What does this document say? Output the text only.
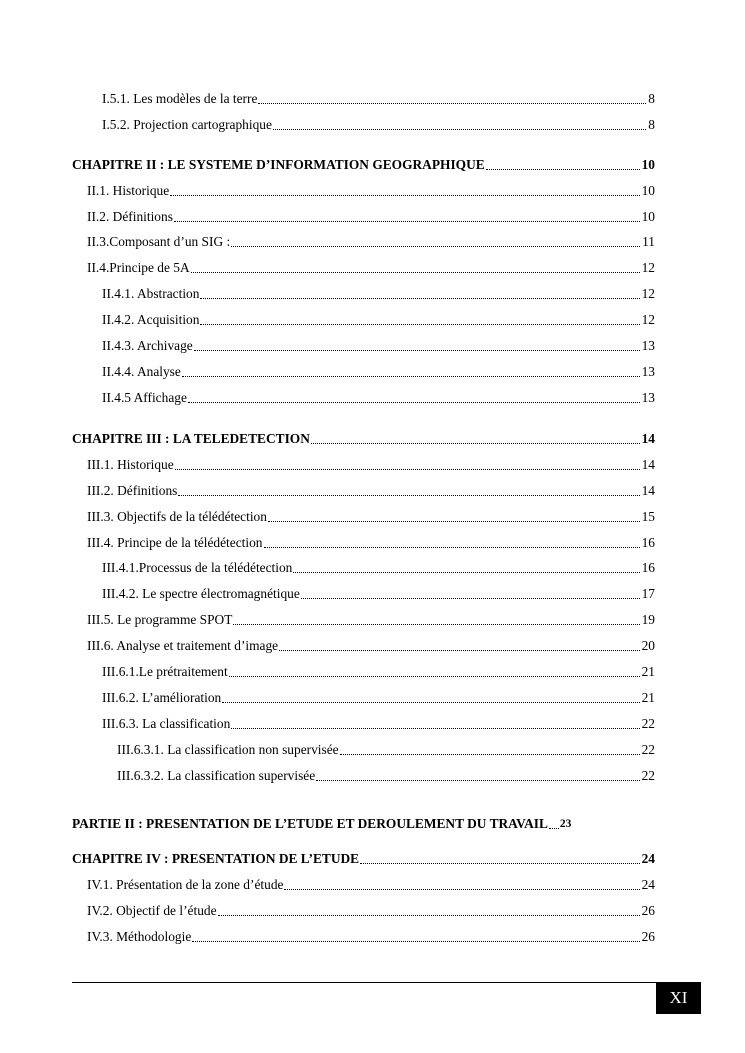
I.5.1. Les modèles de la terre	8
I.5.2. Projection cartographique	8
CHAPITRE II : LE SYSTEME D’INFORMATION GEOGRAPHIQUE	10
II.1. Historique	10
II.2. Définitions	10
II.3.Composant d’un SIG :	11
II.4.Principe de 5A	12
II.4.1. Abstraction	12
II.4.2. Acquisition	12
II.4.3. Archivage	13
II.4.4. Analyse	13
II.4.5 Affichage	13
CHAPITRE III : LA TELEDETECTION	14
III.1. Historique	14
III.2. Définitions	14
III.3. Objectifs de la télédétection	15
III.4. Principe de la télédétection	16
III.4.1.Processus de la télédétection	16
III.4.2. Le spectre électromagnétique	17
III.5. Le programme SPOT	19
III.6. Analyse et traitement d’image	20
III.6.1.Le prétraitement	21
III.6.2. L’amélioration	21
III.6.3. La classification	22
III.6.3.1. La classification non supervisée	22
III.6.3.2. La classification supervisée	22
PARTIE II : PRESENTATION DE L’ETUDE ET DEROULEMENT DU TRAVAIL 23
CHAPITRE IV : PRESENTATION DE L’ETUDE	24
IV.1. Présentation de la zone d’étude	24
IV.2. Objectif de l’étude	26
IV.3. Méthodologie	26
XI
